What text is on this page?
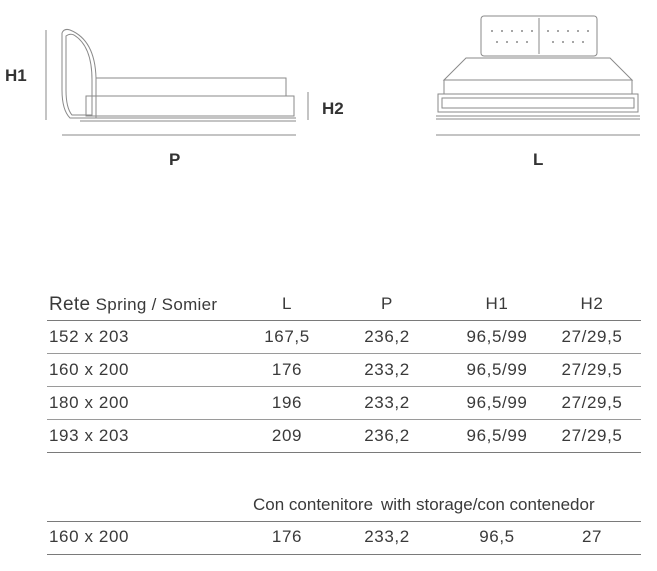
H1
H2
P	L
Rete Spring / Somier	L	P	H1	H2
152 x 203	167,5	236,2	96,5/99	27/29,5
160 x 200	176	233,2	96,5/99	27/29,5
180 x 200	196	233,2	96,5/99	27/29,5
193 x 203	209	236,2	96,5/99	27/29,5
Con contenitore with storage/con contenedor
160 x 200	176	233,2	96,5	27
